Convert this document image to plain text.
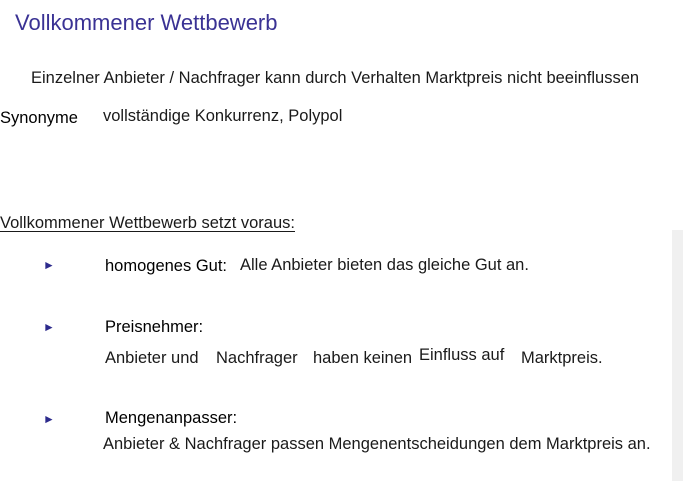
Vollkommener Wettbewerb
Einzelner Anbieter / Nachfrager kann durch Verhalten Marktpreis nicht beeinflussen
Synonyme vollständige Konkurrenz, Polypol
Vollkommener Wettbewerb setzt voraus:
►	homogenes Gut: Alle Anbieter bieten das gleiche Gut an.
►	Preisnehmer:
Anbieter und Nachfrager haben keinen Einfluss auf Marktpreis.
►	Mengenanpasser:
Anbieter & Nachfrager passen Mengenentscheidungen dem Marktpreis an.
